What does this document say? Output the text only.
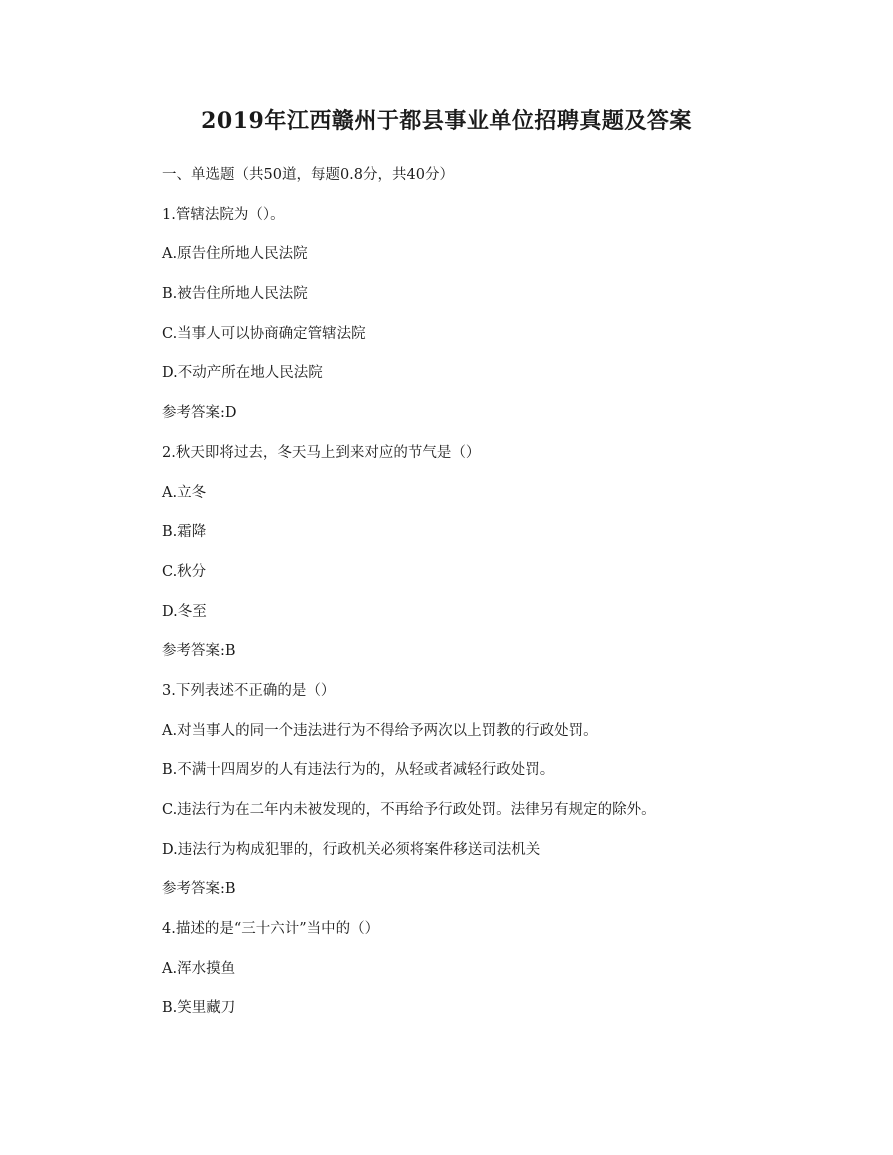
2019年江西赣州于都县事业单位招聘真题及答案
一、单选题（共50道，每题0.8分，共40分）
1.管辖法院为（）。
A.原告住所地人民法院
B.被告住所地人民法院
C.当事人可以协商确定管辖法院
D.不动产所在地人民法院
参考答案:D
2.秋天即将过去，冬天马上到来对应的节气是（）
A.立冬
B.霜降
C.秋分
D.冬至
参考答案:B
3.下列表述不正确的是（）
A.对当事人的同一个违法进行为不得给予两次以上罚教的行政处罚。
B.不满十四周岁的人有违法行为的，从轻或者减轻行政处罚。
C.违法行为在二年内未被发现的，不再给予行政处罚。法律另有规定的除外。
D.违法行为构成犯罪的，行政机关必须将案件移送司法机关
参考答案:B
4.描述的是“三十六计”当中的（）
A.浑水摸鱼
B.笑里藏刀
